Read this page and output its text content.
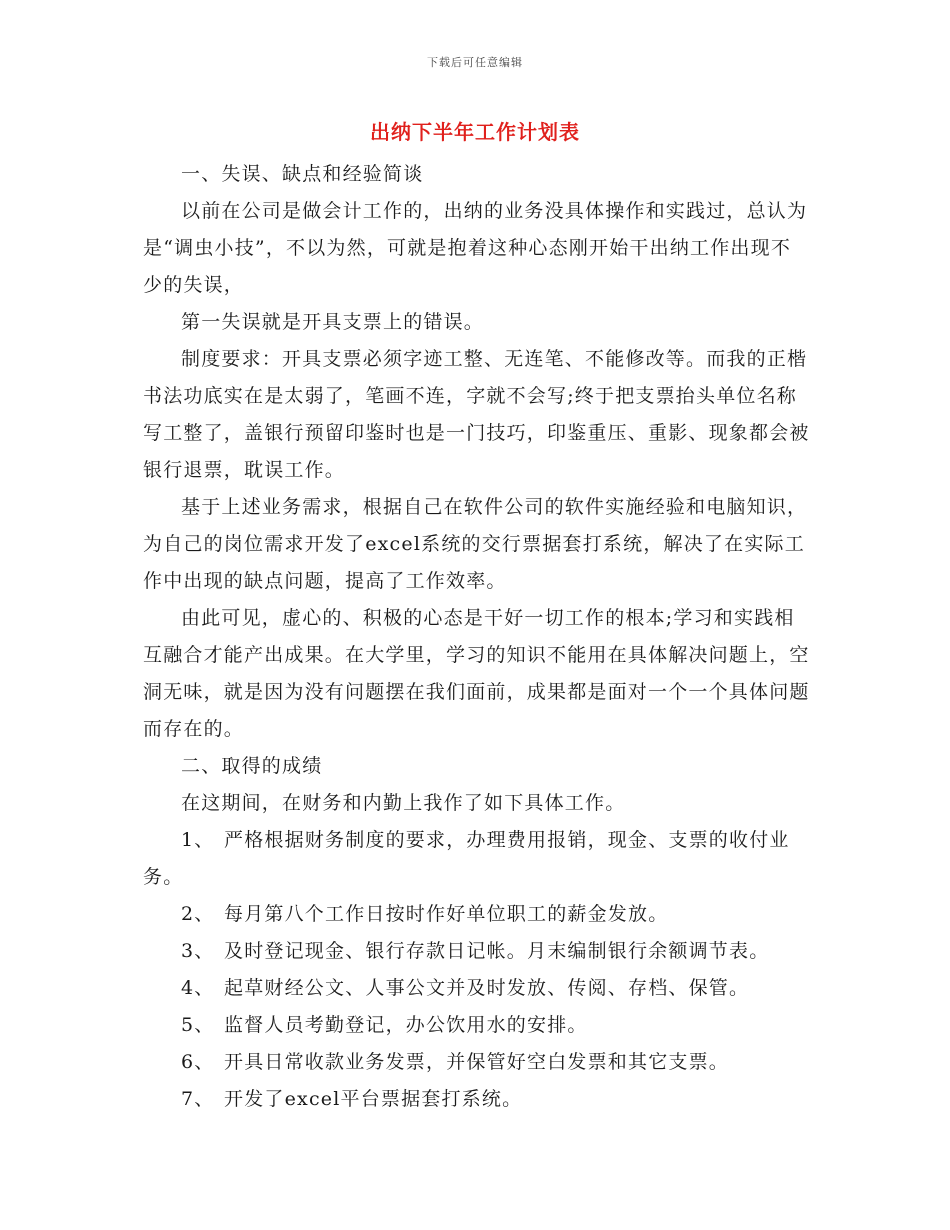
下载后可任意编辑
出纳下半年工作计划表

一、失误、缺点和经验简谈

以前在公司是做会计工作的，出纳的业务没具体操作和实践过，总认为是“调虫小技”，不以为然，可就是抱着这种心态刚开始干出纳工作出现不少的失误，

第一失误就是开具支票上的错误。

制度要求：开具支票必须字迹工整、无连笔、不能修改等。而我的正楷书法功底实在是太弱了，笔画不连，字就不会写;终于把支票抬头单位名称写工整了，盖银行预留印鉴时也是一门技巧，印鉴重压、重影、现象都会被银行退票，耽误工作。

基于上述业务需求，根据自己在软件公司的软件实施经验和电脑知识，为自己的岗位需求开发了excel系统的交行票据套打系统，解决了在实际工作中出现的缺点问题，提高了工作效率。

由此可见，虚心的、积极的心态是干好一切工作的根本;学习和实践相互融合才能产出成果。在大学里，学习的知识不能用在具体解决问题上，空洞无味，就是因为没有问题摆在我们面前，成果都是面对一个一个具体问题而存在的。

二、取得的成绩

在这期间，在财务和内勤上我作了如下具体工作。

1、 严格根据财务制度的要求，办理费用报销，现金、支票的收付业务。

2、 每月第八个工作日按时作好单位职工的薪金发放。

3、 及时登记现金、银行存款日记帐。月末编制银行余额调节表。

4、 起草财经公文、人事公文并及时发放、传阅、存档、保管。

5、 监督人员考勤登记，办公饮用水的安排。

6、 开具日常收款业务发票，并保管好空白发票和其它支票。

7、 开发了excel平台票据套打系统。
